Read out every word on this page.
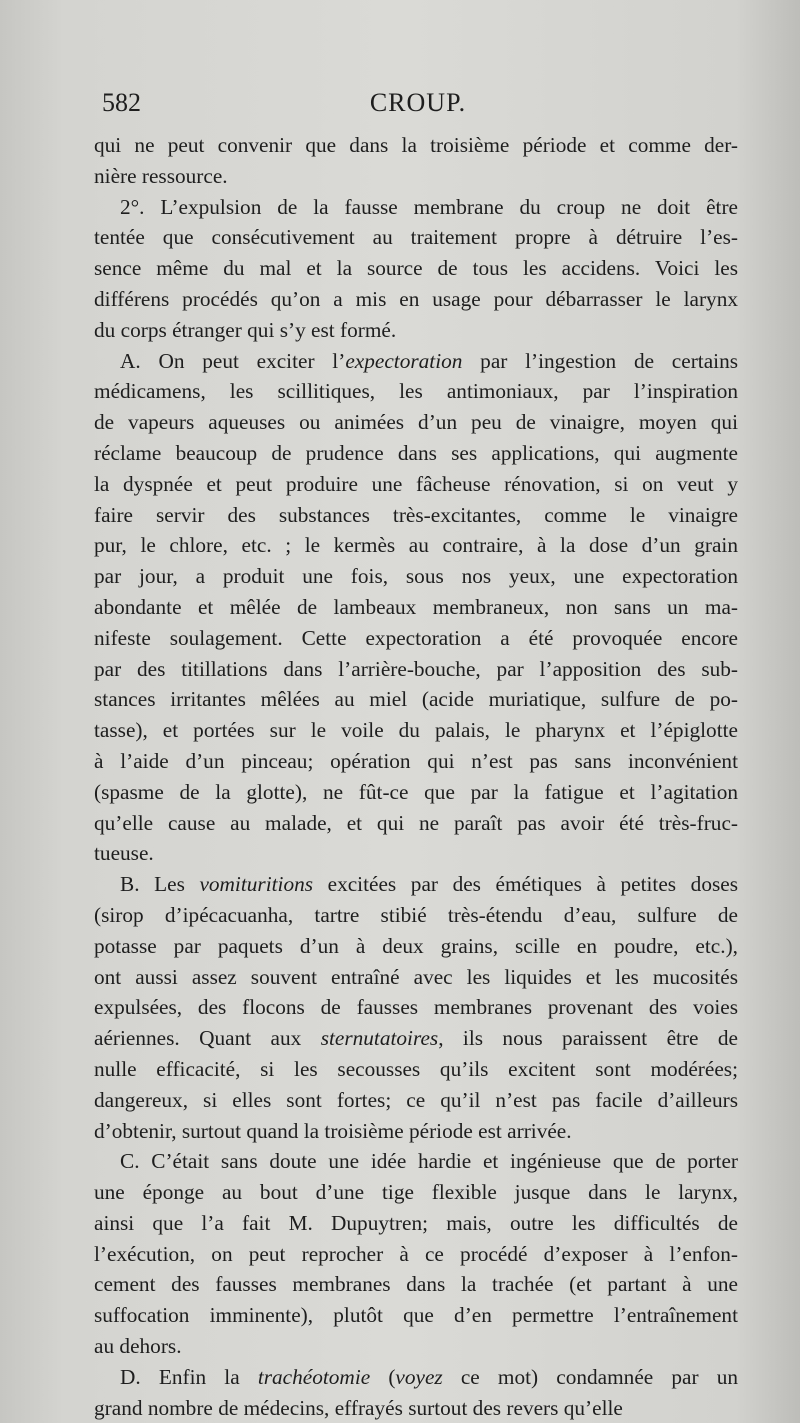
582	CROUP.
qui ne peut convenir que dans la troisième période et comme der-
nière ressource.
2°. L’expulsion de la fausse membrane du croup ne doit être
tentée que consécutivement au traitement propre à détruire l’es-
sence même du mal et la source de tous les accidens. Voici les
différens procédés qu’on a mis en usage pour débarrasser le larynx
du corps étranger qui s’y est formé.
A. On peut exciter l’expectoration par l’ingestion de certains
médicamens, les scillitiques, les antimoniaux, par l’inspiration
de vapeurs aqueuses ou animées d’un peu de vinaigre, moyen qui
réclame beaucoup de prudence dans ses applications, qui augmente
la dyspnée et peut produire une fâcheuse rénovation, si on veut y
faire servir des substances très-excitantes, comme le vinaigre
pur, le chlore, etc. ; le kermès au contraire, à la dose d’un grain
par jour, a produit une fois, sous nos yeux, une expectoration
abondante et mêlée de lambeaux membraneux, non sans un ma-
nifeste soulagement. Cette expectoration a été provoquée encore
par des titillations dans l’arrière-bouche, par l’apposition des sub-
stances irritantes mêlées au miel (acide muriatique, sulfure de po-
tasse), et portées sur le voile du palais, le pharynx et l’épiglotte
à l’aide d’un pinceau; opération qui n’est pas sans inconvénient
(spasme de la glotte), ne fût-ce que par la fatigue et l’agitation
qu’elle cause au malade, et qui ne paraît pas avoir été très-fruc-
tueuse.
B. Les vomituritions excitées par des émétiques à petites doses
(sirop d’ipécacuanha, tartre stibié très-étendu d’eau, sulfure de
potasse par paquets d’un à deux grains, scille en poudre, etc.),
ont aussi assez souvent entraîné avec les liquides et les mucosités
expulsées, des flocons de fausses membranes provenant des voies
aériennes. Quant aux sternutatoires, ils nous paraissent être de
nulle efficacité, si les secousses qu’ils excitent sont modérées;
dangereux, si elles sont fortes; ce qu’il n’est pas facile d’ailleurs
d’obtenir, surtout quand la troisième période est arrivée.
C. C’était sans doute une idée hardie et ingénieuse que de porter
une éponge au bout d’une tige flexible jusque dans le larynx,
ainsi que l’a fait M. Dupuytren; mais, outre les difficultés de
l’exécution, on peut reprocher à ce procédé d’exposer à l’enfon-
cement des fausses membranes dans la trachée (et partant à une
suffocation imminente), plutôt que d’en permettre l’entraînement
au dehors.
D. Enfin la trachéotomie (voyez ce mot) condamnée par un
grand nombre de médecins, effrayés surtout des revers qu’elle
